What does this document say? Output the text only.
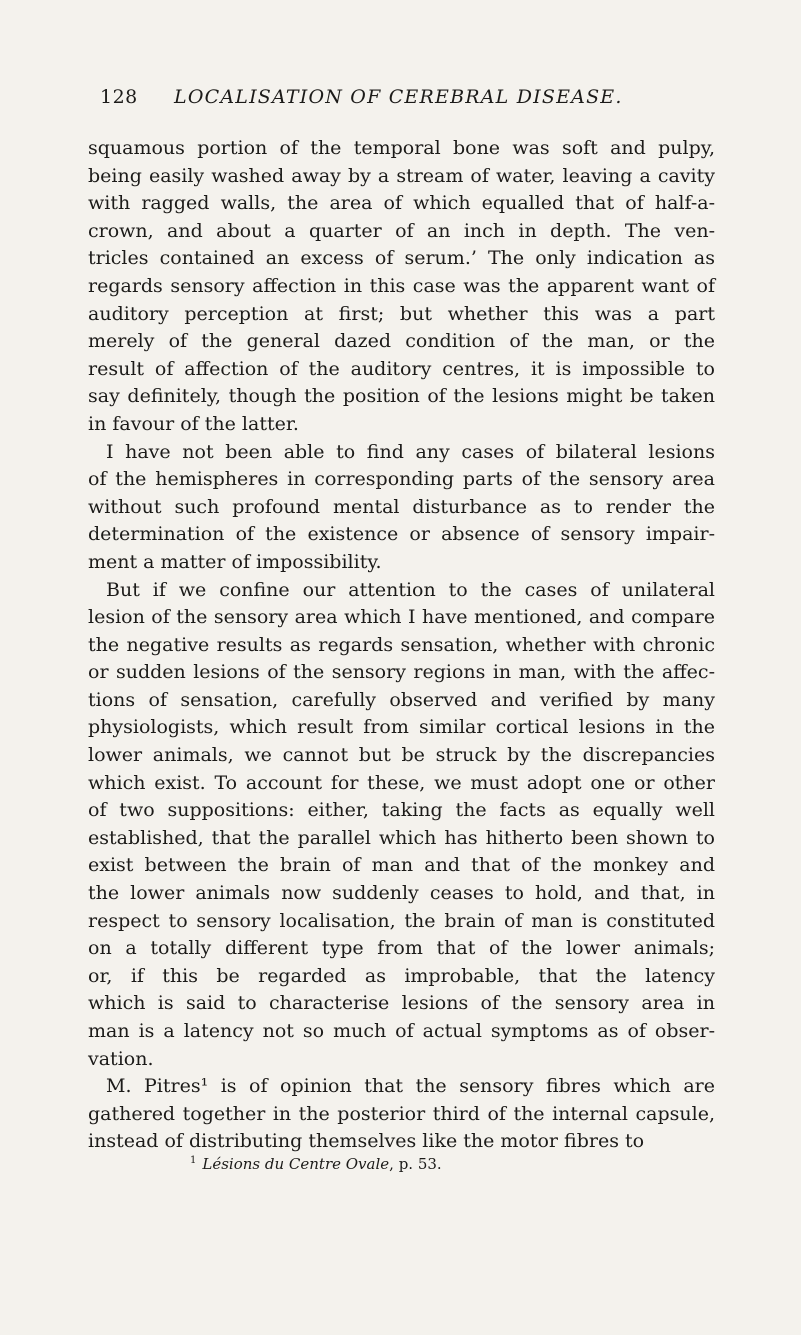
128 LOCALISATION OF CEREBRAL DISEASE.
squamous portion of the temporal bone was soft and pulpy,
being easily washed away by a stream of water, leaving a cavity
with ragged walls, the area of which equalled that of half-a-
crown, and about a quarter of an inch in depth. The ven-
tricles contained an excess of serum.’ The only indication as
regards sensory affection in this case was the apparent want of
auditory perception at first; but whether this was a part
merely of the general dazed condition of the man, or the
result of affection of the auditory centres, it is impossible to
say definitely, though the position of the lesions might be taken
in favour of the latter.
I have not been able to find any cases of bilateral lesions
of the hemispheres in corresponding parts of the sensory area
without such profound mental disturbance as to render the
determination of the existence or absence of sensory impair-
ment a matter of impossibility.
But if we confine our attention to the cases of unilateral
lesion of the sensory area which I have mentioned, and compare
the negative results as regards sensation, whether with chronic
or sudden lesions of the sensory regions in man, with the affec-
tions of sensation, carefully observed and verified by many
physiologists, which result from similar cortical lesions in the
lower animals, we cannot but be struck by the discrepancies
which exist. To account for these, we must adopt one or other
of two suppositions: either, taking the facts as equally well
established, that the parallel which has hitherto been shown to
exist between the brain of man and that of the monkey and
the lower animals now suddenly ceases to hold, and that, in
respect to sensory localisation, the brain of man is constituted
on a totally different type from that of the lower animals;
or, if this be regarded as improbable, that the latency
which is said to characterise lesions of the sensory area in
man is a latency not so much of actual symptoms as of obser-
vation.
M. Pitres¹ is of opinion that the sensory fibres which are
gathered together in the posterior third of the internal capsule,
instead of distributing themselves like the motor fibres to
$^1$ Lésions du Centre Ovale, p. 53.
